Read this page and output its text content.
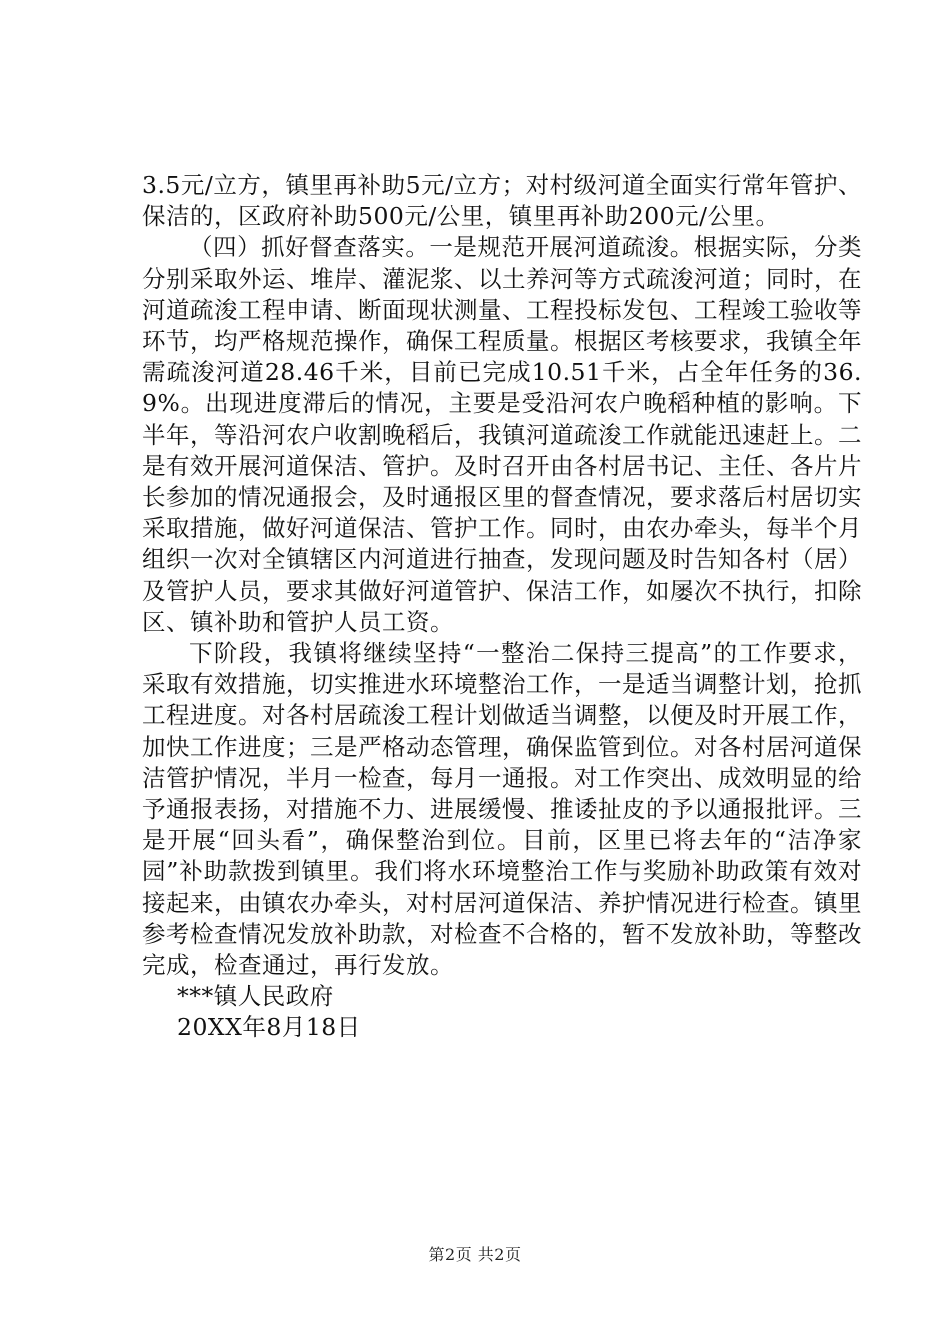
3.5元/立方，镇里再补助5元/立方；对村级河道全面实行常年管护、保洁的，区政府补助500元/公里，镇里再补助200元/公里。

（四）抓好督查落实。一是规范开展河道疏浚。根据实际，分类分别采取外运、堆岸、灌泥浆、以土养河等方式疏浚河道；同时，在河道疏浚工程申请、断面现状测量、工程投标发包、工程竣工验收等环节，均严格规范操作，确保工程质量。根据区考核要求，我镇全年需疏浚河道28.46千米，目前已完成10.51千米，占全年任务的36.9%。出现进度滞后的情况，主要是受沿河农户晚稻种植的影响。下半年，等沿河农户收割晚稻后，我镇河道疏浚工作就能迅速赶上。二是有效开展河道保洁、管护。及时召开由各村居书记、主任、各片片长参加的情况通报会，及时通报区里的督查情况，要求落后村居切实采取措施，做好河道保洁、管护工作。同时，由农办牵头，每半个月组织一次对全镇辖区内河道进行抽查，发现问题及时告知各村（居）及管护人员，要求其做好河道管护、保洁工作，如屡次不执行，扣除区、镇补助和管护人员工资。

下阶段，我镇将继续坚持“一整治二保持三提高”的工作要求，采取有效措施，切实推进水环境整治工作，一是适当调整计划，抢抓工程进度。对各村居疏浚工程计划做适当调整，以便及时开展工作，加快工作进度；三是严格动态管理，确保监管到位。对各村居河道保洁管护情况，半月一检查，每月一通报。对工作突出、成效明显的给予通报表扬，对措施不力、进展缓慢、推诿扯皮的予以通报批评。三是开展“回头看”，确保整治到位。目前，区里已将去年的“洁净家园”补助款拨到镇里。我们将水环境整治工作与奖励补助政策有效对接起来，由镇农办牵头，对村居河道保洁、养护情况进行检查。镇里参考检查情况发放补助款，对检查不合格的，暂不发放补助，等整改完成，检查通过，再行发放。

***镇人民政府

20XX年8月18日

第2页 共2页
